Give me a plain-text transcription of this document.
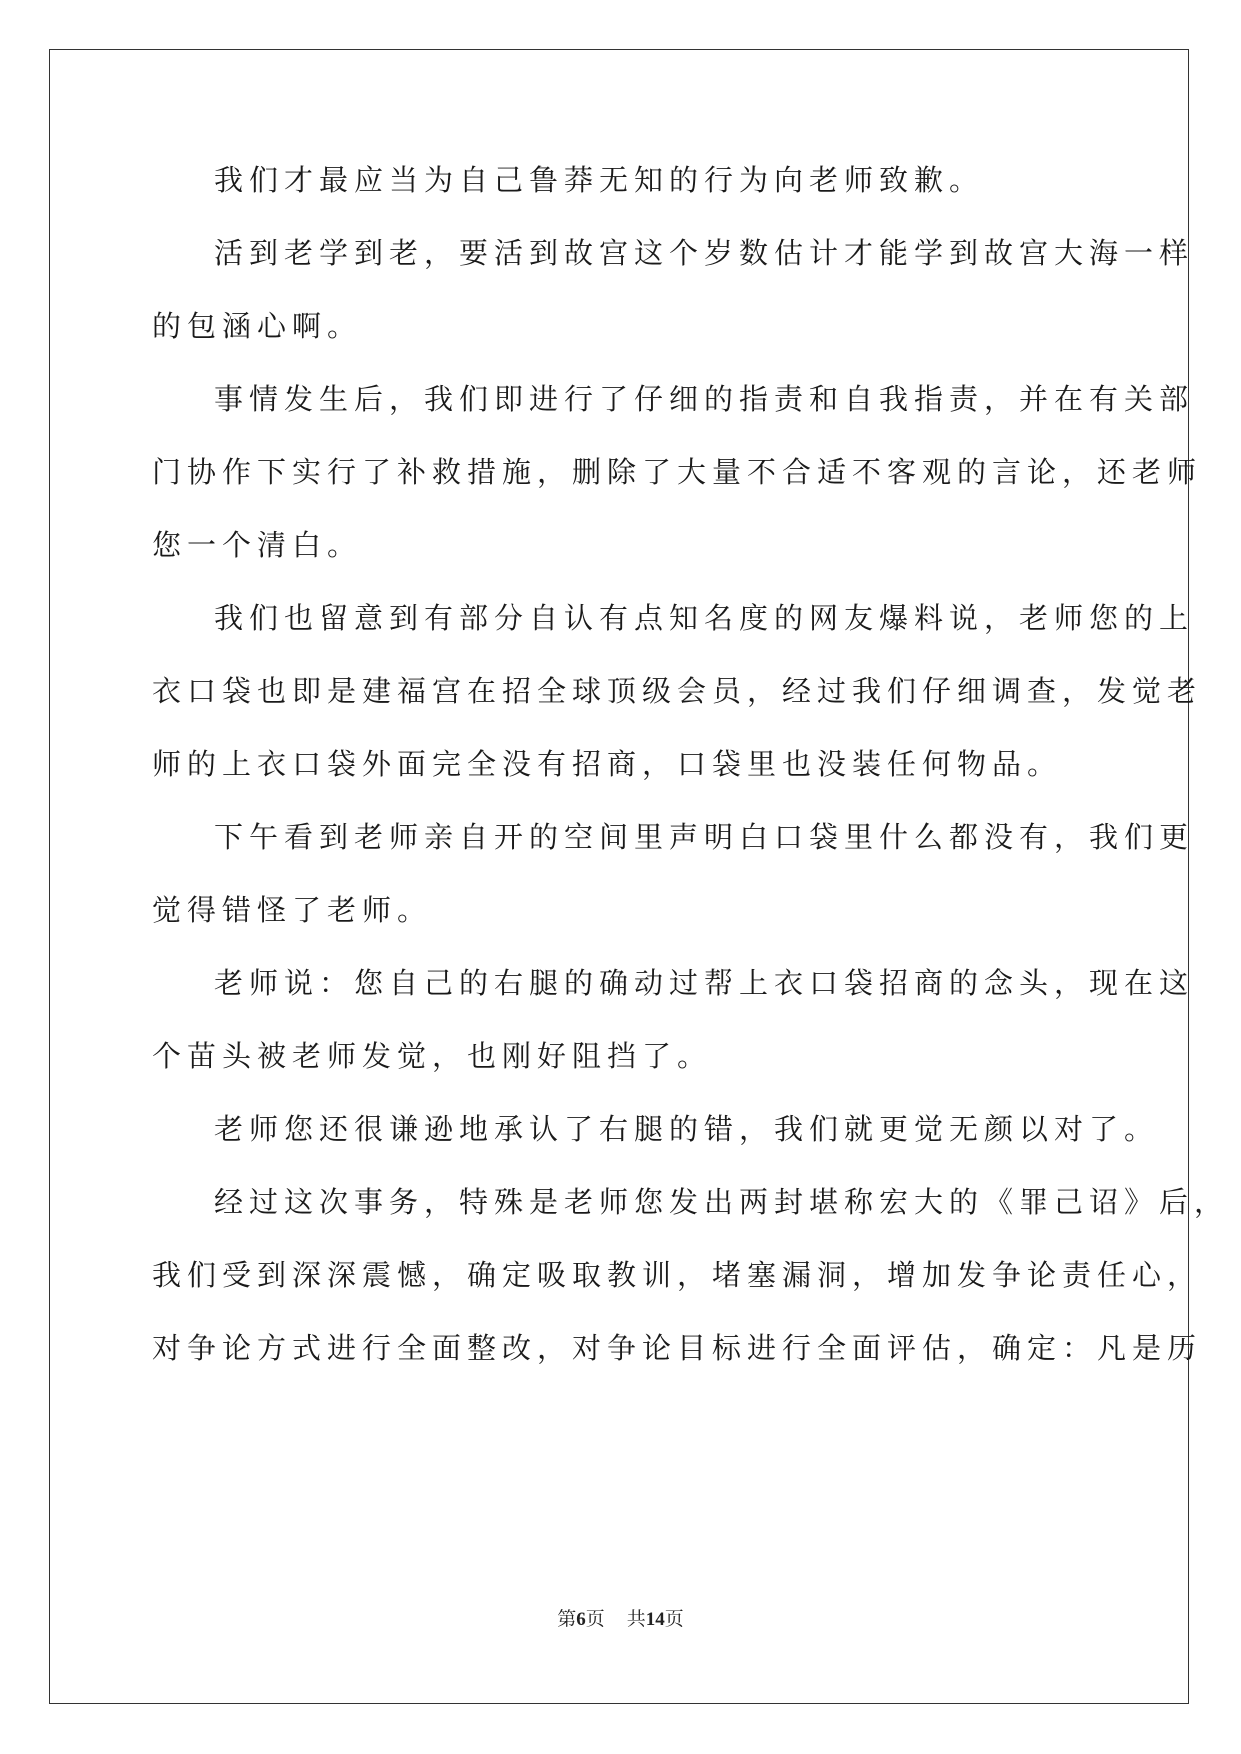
我们才最应当为自己鲁莽无知的行为向老师致歉。
活到老学到老，要活到故宫这个岁数估计才能学到故宫大海一样
的包涵心啊。
事情发生后，我们即进行了仔细的指责和自我指责，并在有关部
门协作下实行了补救措施，删除了大量不合适不客观的言论，还老师
您一个清白。
我们也留意到有部分自认有点知名度的网友爆料说，老师您的上
衣口袋也即是建福宫在招全球顶级会员，经过我们仔细调查，发觉老
师的上衣口袋外面完全没有招商，口袋里也没装任何物品。
下午看到老师亲自开的空间里声明白口袋里什么都没有，我们更
觉得错怪了老师。
老师说：您自己的右腿的确动过帮上衣口袋招商的念头，现在这
个苗头被老师发觉，也刚好阻挡了。
老师您还很谦逊地承认了右腿的错，我们就更觉无颜以对了。
经过这次事务，特殊是老师您发出两封堪称宏大的《罪己诏》后，
我们受到深深震憾，确定吸取教训，堵塞漏洞，增加发争论责任心，
对争论方式进行全面整改，对争论目标进行全面评估，确定：凡是历
第6页 共14页
